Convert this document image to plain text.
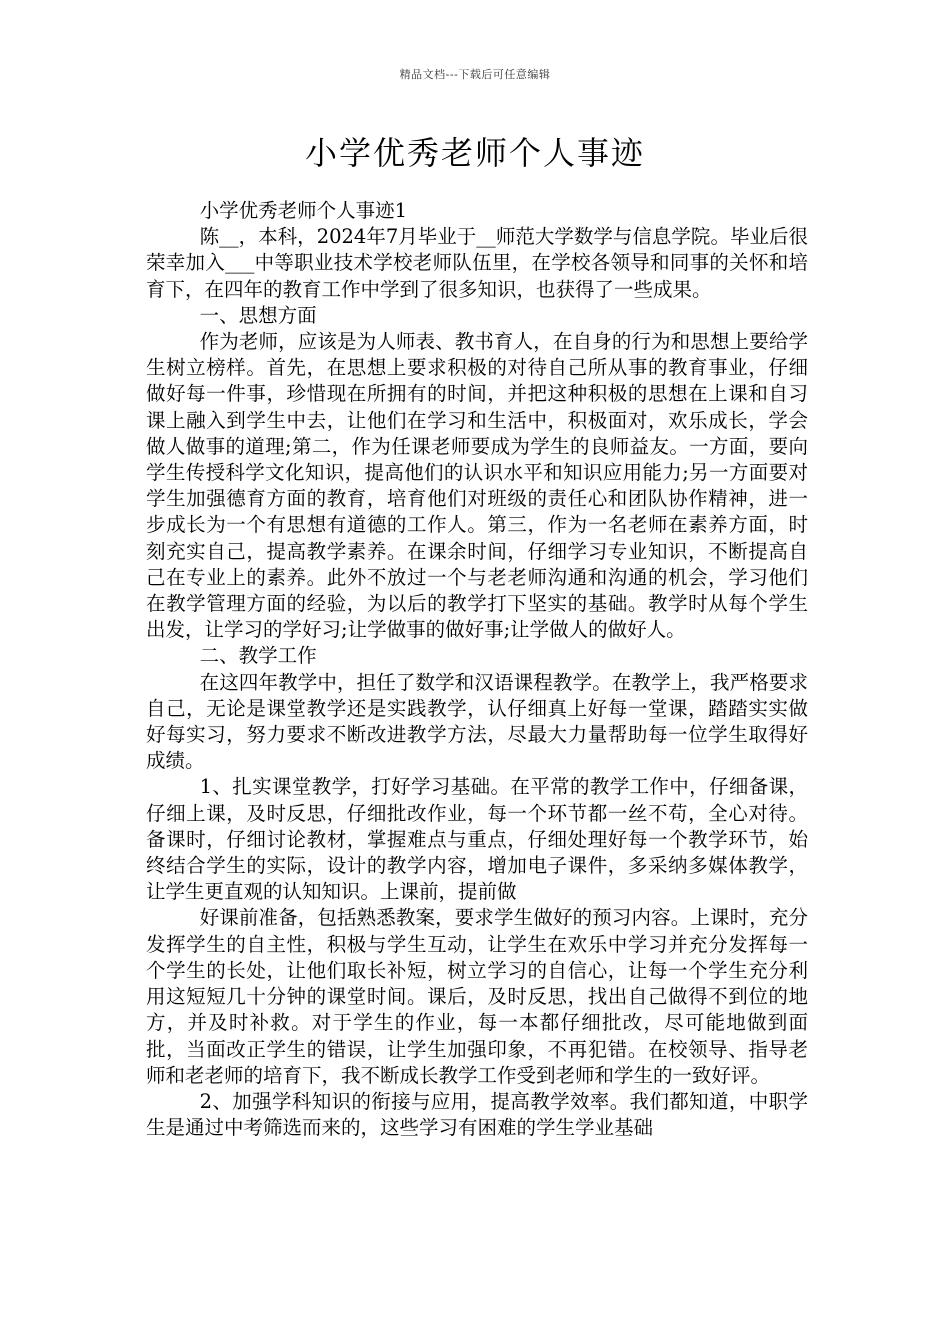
精品文档---下载后可任意编辑
小学优秀老师个人事迹

小学优秀老师个人事迹1

陈__，本科，2024年7月毕业于__师范大学数学与信息学院。毕业后很荣幸加入___中等职业技术学校老师队伍里，在学校各领导和同事的关怀和培育下，在四年的教育工作中学到了很多知识，也获得了一些成果。

一、思想方面

作为老师，应该是为人师表、教书育人，在自身的行为和思想上要给学生树立榜样。首先，在思想上要求积极的对待自己所从事的教育事业，仔细做好每一件事，珍惜现在所拥有的时间，并把这种积极的思想在上课和自习课上融入到学生中去，让他们在学习和生活中，积极面对，欢乐成长，学会做人做事的道理;第二，作为任课老师要成为学生的良师益友。一方面，要向学生传授科学文化知识，提高他们的认识水平和知识应用能力;另一方面要对学生加强德育方面的教育，培育他们对班级的责任心和团队协作精神，进一步成长为一个有思想有道德的工作人。第三，作为一名老师在素养方面，时刻充实自己，提高教学素养。在课余时间，仔细学习专业知识，不断提高自己在专业上的素养。此外不放过一个与老老师沟通和沟通的机会，学习他们在教学管理方面的经验，为以后的教学打下坚实的基础。教学时从每个学生出发，让学习的学好习;让学做事的做好事;让学做人的做好人。

二、教学工作

在这四年教学中，担任了数学和汉语课程教学。在教学上，我严格要求自己，无论是课堂教学还是实践教学，认仔细真上好每一堂课，踏踏实实做好每实习，努力要求不断改进教学方法，尽最大力量帮助每一位学生取得好成绩。

1、扎实课堂教学，打好学习基础。在平常的教学工作中，仔细备课，仔细上课，及时反思，仔细批改作业，每一个环节都一丝不苟，全心对待。备课时，仔细讨论教材，掌握难点与重点，仔细处理好每一个教学环节，始终结合学生的实际，设计的教学内容，增加电子课件，多采纳多媒体教学，让学生更直观的认知知识。上课前，提前做

好课前准备，包括熟悉教案，要求学生做好的预习内容。上课时，充分发挥学生的自主性，积极与学生互动，让学生在欢乐中学习并充分发挥每一个学生的长处，让他们取长补短，树立学习的自信心，让每一个学生充分利用这短短几十分钟的课堂时间。课后，及时反思，找出自己做得不到位的地方，并及时补救。对于学生的作业，每一本都仔细批改，尽可能地做到面批，当面改正学生的错误，让学生加强印象，不再犯错。在校领导、指导老师和老老师的培育下，我不断成长教学工作受到老师和学生的一致好评。

2、加强学科知识的衔接与应用，提高教学效率。我们都知道，中职学生是通过中考筛选而来的，这些学习有困难的学生学业基础
